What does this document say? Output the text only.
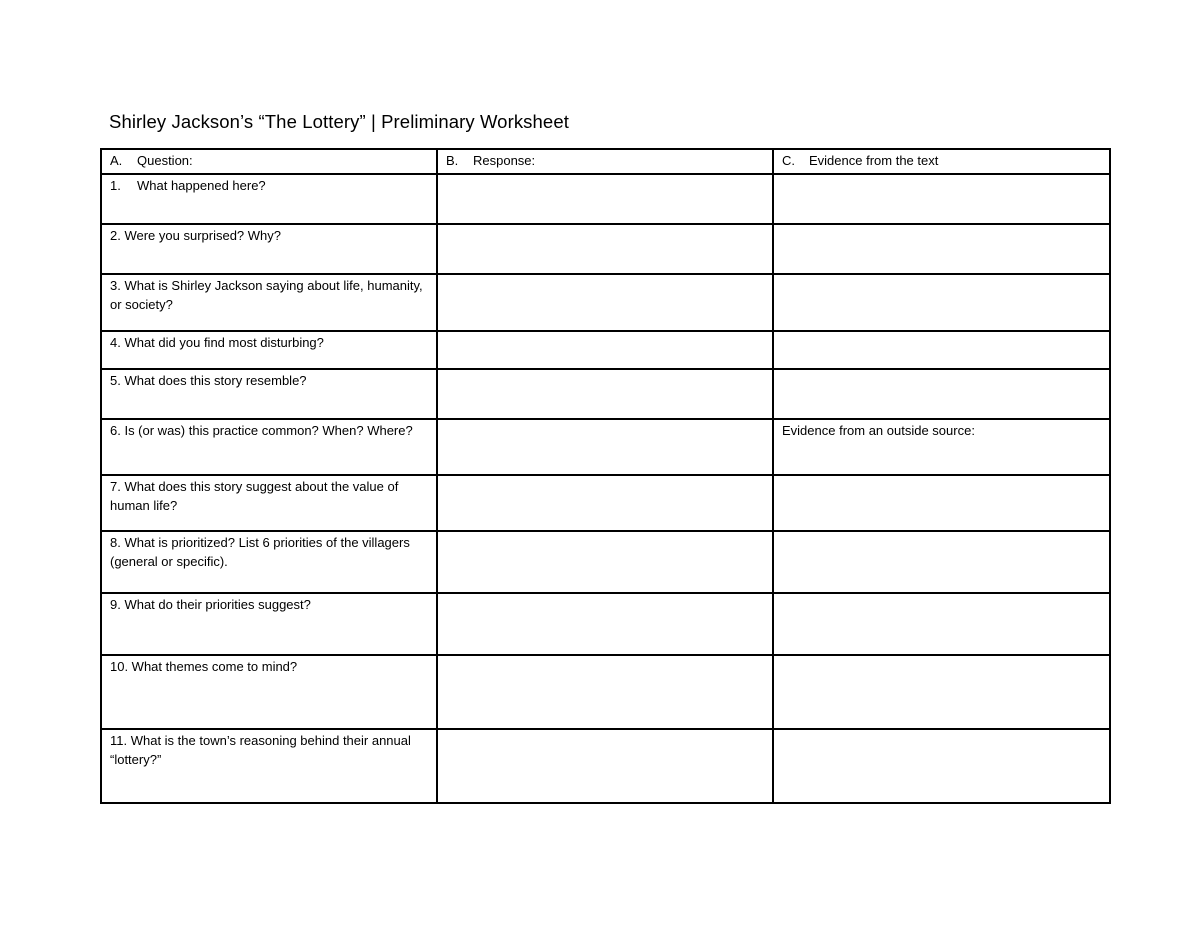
Shirley Jackson’s “The Lottery” | Preliminary Worksheet
A. Question:	B. Response:	C. Evidence from the text
1. What happened here?		
2. Were you surprised? Why?		
3. What is Shirley Jackson saying about life, humanity, or society?		
4. What did you find most disturbing?		
5. What does this story resemble?		
6. Is (or was) this practice common? When? Where?		Evidence from an outside source:
7. What does this story suggest about the value of human life?		
8. What is prioritized? List 6 priorities of the villagers (general or specific).		
9. What do their priorities suggest?		
10. What themes come to mind?		
11. What is the town’s reasoning behind their annual “lottery?”		
